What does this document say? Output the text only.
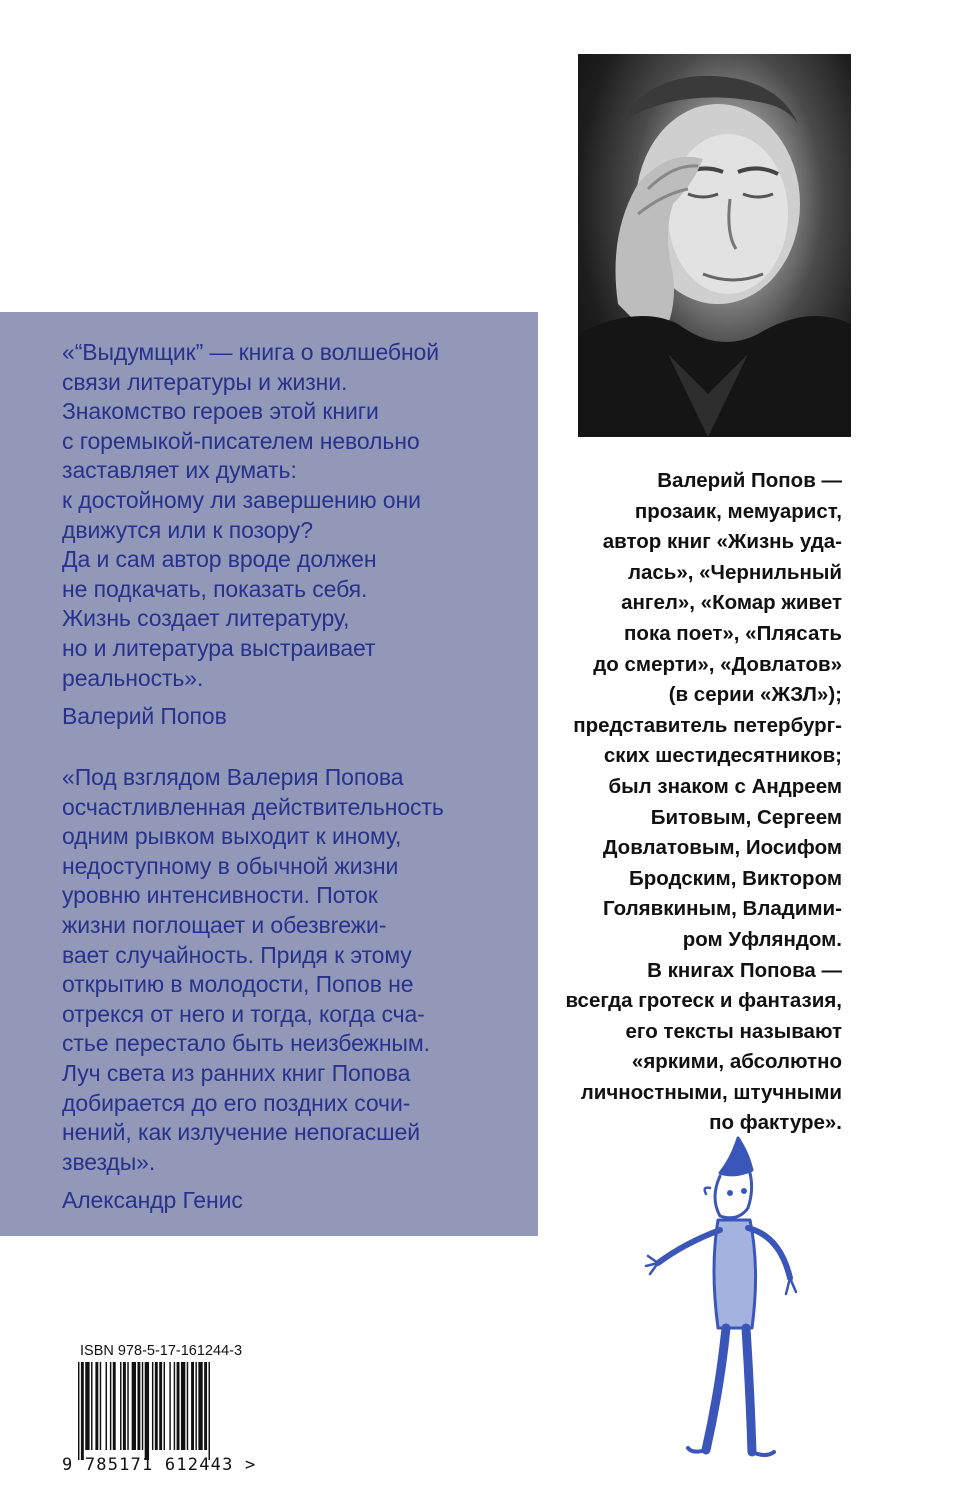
«“Выдумщик” — книга о волшебной
связи литературы и жизни.
Знакомство героев этой книги
с горемыкой-писателем невольно
заставляет их думать:
к достойному ли завершению они
движутся или к позору?
Да и сам автор вроде должен
не подкачать, показать себя.
Жизнь создает литературу,
но и литература выстраивает
реальность».
Валерий Попов
«Под взглядом Валерия Попова
осчастливленная действительность
одним рывком выходит к иному,
недоступному в обычной жизни
уровню интенсивности. Поток
жизни поглощает и обезвrежи-
вает случайность. Придя к этому
открытию в молодости, Попов не
отрекся от него и тогда, когда сча-
стье перестало быть неизбежным.
Луч света из ранних книг Попова
добирается до его поздних сочи-
нений, как излучение непогасшей
звезды».
Александр Генис
Валерий Попов —
прозаик, мемуарист,
автор книг «Жизнь уда-
лась», «Чернильный
ангел», «Комар живет
пока поет», «Плясать
до смерти», «Довлатов»
(в серии «ЖЗЛ»);
представитель петербург-
ских шестидесятников;
был знаком с Андреем
Битовым, Сергеем
Довлатовым, Иосифом
Бродским, Виктором
Голявкиным, Владими-
ром Уфляндом.
В книгах Попова —
всегда гротеск и фантазия,
его тексты называют
«яркими, абсолютно
личностными, штучными
по фактуре».
ISBN 978-5-17-161244-3
9 785171 612443 >
